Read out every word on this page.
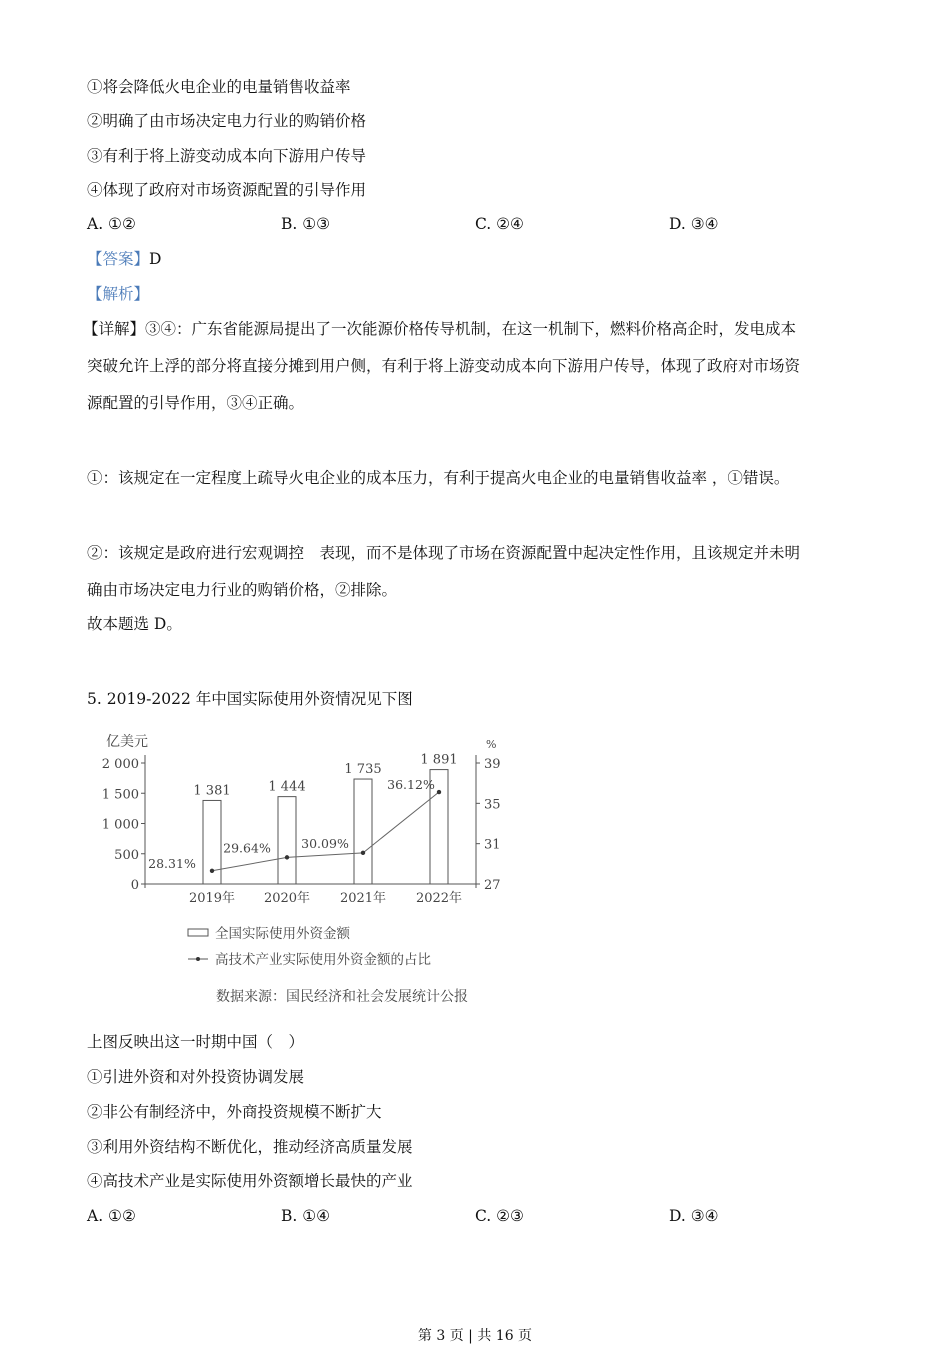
①将会降低火电企业的电量销售收益率
②明确了由市场决定电力行业的购销价格
③有利于将上游变动成本向下游用户传导
④体现了政府对市场资源配置的引导作用
A. ①②	B. ①③	C. ②④	D. ③④
【答案】D
【解析】
【详解】③④：广东省能源局提出了一次能源价格传导机制，在这一机制下，燃料价格高企时，发电成本
突破允许上浮的部分将直接分摊到用户侧，有利于将上游变动成本向下游用户传导，体现了政府对市场资
源配置的引导作用，③④正确。
①：该规定在一定程度上疏导火电企业的成本压力，有利于提高火电企业的电量销售收益率 ，①错误。
②：该规定是政府进行宏观调控　表现，而不是体现了市场在资源配置中起决定性作用，且该规定并未明
确由市场决定电力行业的购销价格，②排除。
故本题选 D。
5. 2019-2022 年中国实际使用外资情况见下图
亿美元	%
0
500
1 000
1 500
2 000
27
31
35
39
1 381
2019年
1 444
2020年
1 735
2021年
1 891
2022年
28.31%
29.64% 30.09%
36.12%
全国实际使用外资金额
高技术产业实际使用外资金额的占比
数据来源：国民经济和社会发展统计公报
上图反映出这一时期中国（　）
①引进外资和对外投资协调发展
②非公有制经济中，外商投资规模不断扩大
③利用外资结构不断优化，推动经济高质量发展
④高技术产业是实际使用外资额增长最快的产业
A. ①②	B. ①④	C. ②③	D. ③④
第 3 页 | 共 16 页
